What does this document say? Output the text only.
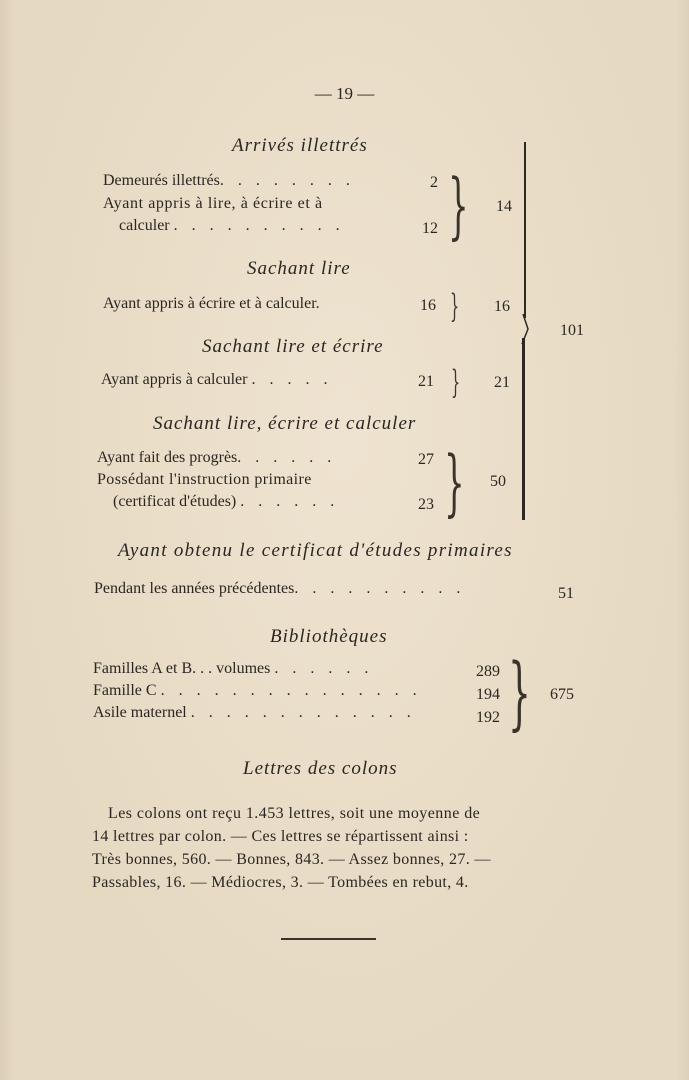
— 19 —
Arrivés illettrés
Demeurés illettrés. . . . . . . .	2
Ayant appris à lire, à écrire et à
calculer . . . . . . . . . .	12 }	14
Sachant lire
Ayant appris à écrire et à calculer.	16 }	16
Sachant lire et écrire
Ayant appris à calculer . . . . .	21 }	21
Sachant lire, écrire et calculer
Ayant fait des progrès. . . . . .	27
Possédant l'instruction primaire
(certificat d'études) . . . . . .	23 }	50
101
Ayant obtenu le certificat d'études primaires
Pendant les années précédentes. . . . . . . . . .	51
Bibliothèques
Familles A et B. . . volumes . . . . . .	289
Famille C . . . . . . . . . . . . . . .	194
Asile maternel . . . . . . . . . . . . .	192 }	675
Lettres des colons
Les colons ont reçu 1.453 lettres, soit une moyenne de
14 lettres par colon. — Ces lettres se répartissent ainsi :
Très bonnes, 560. — Bonnes, 843. — Assez bonnes, 27. —
Passables, 16. — Médiocres, 3. — Tombées en rebut, 4.
